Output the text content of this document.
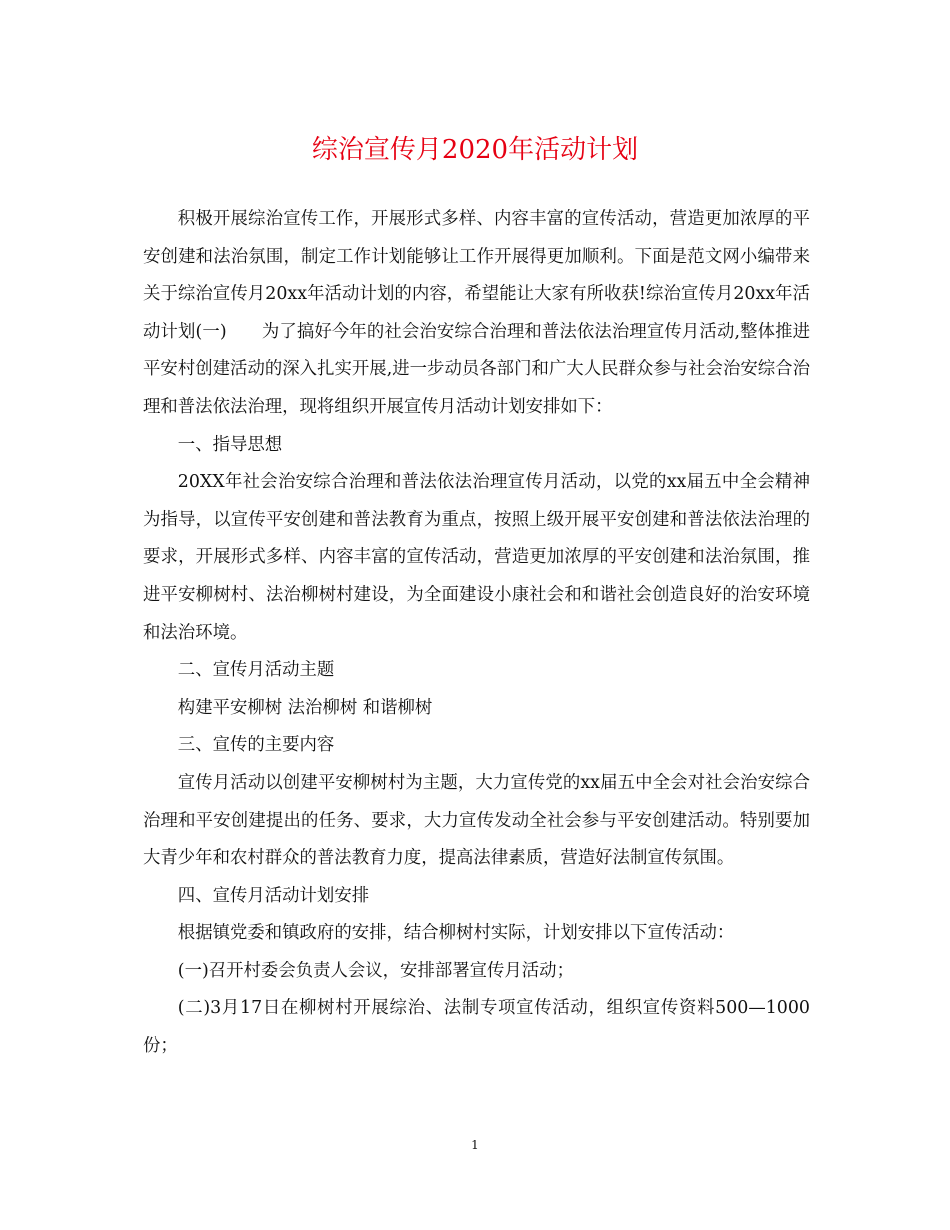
综治宣传月2020年活动计划

积极开展综治宣传工作，开展形式多样、内容丰富的宣传活动，营造更加浓厚的平安创建和法治氛围，制定工作计划能够让工作开展得更加顺利。下面是范文网小编带来关于综治宣传月20xx年活动计划的内容，希望能让大家有所收获!综治宣传月20xx年活动计划(一)　　为了搞好今年的社会治安综合治理和普法依法治理宣传月活动,整体推进平安村创建活动的深入扎实开展,进一步动员各部门和广大人民群众参与社会治安综合治理和普法依法治理，现将组织开展宣传月活动计划安排如下：

一、指导思想

20XX年社会治安综合治理和普法依法治理宣传月活动，以党的xx届五中全会精神为指导，以宣传平安创建和普法教育为重点，按照上级开展平安创建和普法依法治理的要求，开展形式多样、内容丰富的宣传活动，营造更加浓厚的平安创建和法治氛围，推进平安柳树村、法治柳树村建设，为全面建设小康社会和和谐社会创造良好的治安环境和法治环境。

二、宣传月活动主题

构建平安柳树 法治柳树 和谐柳树

三、宣传的主要内容

宣传月活动以创建平安柳树村为主题，大力宣传党的xx届五中全会对社会治安综合治理和平安创建提出的任务、要求，大力宣传发动全社会参与平安创建活动。特别要加大青少年和农村群众的普法教育力度，提高法律素质，营造好法制宣传氛围。

四、宣传月活动计划安排

根据镇党委和镇政府的安排，结合柳树村实际，计划安排以下宣传活动：

(一)召开村委会负责人会议，安排部署宣传月活动；

(二)3月17日在柳树村开展综治、法制专项宣传活动，组织宣传资料500—1000份；

1
